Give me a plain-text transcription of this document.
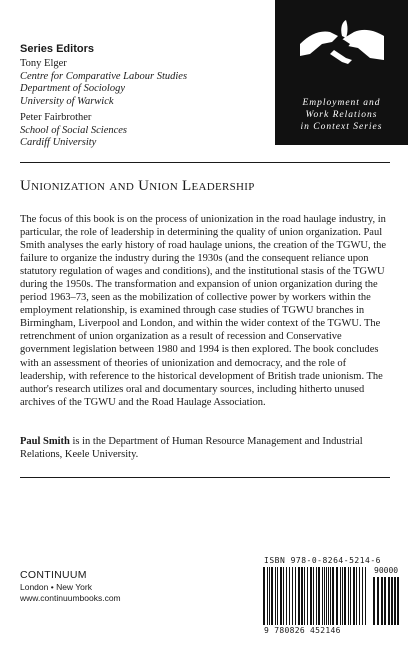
Series Editors
Tony Elger
Centre for Comparative Labour Studies
Department of Sociology
University of Warwick
Peter Fairbrother
School of Social Sciences
Cardiff University
Employment and
Work Relations
in Context Series
Unionization and Union Leadership

The focus of this book is on the process of unionization in the road haulage industry, in particular, the role of leadership in determining the quality of union organization. Paul Smith analyses the early history of road haulage unions, the creation of the TGWU, the failure to organize the industry during the 1930s (and the consequent reliance upon statutory regulation of wages and conditions), and the institutional stasis of the TGWU during the 1950s. The transformation and expansion of union organization during the period 1963–73, seen as the mobilization of collective power by workers within the employment relationship, is examined through case studies of TGWU branches in Birmingham, Liverpool and London, and within the wider context of the TGWU. The retrenchment of union organization as a result of recession and Conservative government legislation between 1980 and 1994 is then explored. The book concludes with an assessment of theories of unionization and democracy, and the role of leadership, with reference to the historical development of British trade unionism. The author's research utilizes oral and documentary sources, including hitherto unused archives of the TGWU and the Road Haulage Association.

Paul Smith is in the Department of Human Resource Management and Industrial Relations, Keele University.

CONTINUUM
London • New York
www.continuumbooks.com
ISBN 978-0-8264-5214-6
90000
9 780826 452146
